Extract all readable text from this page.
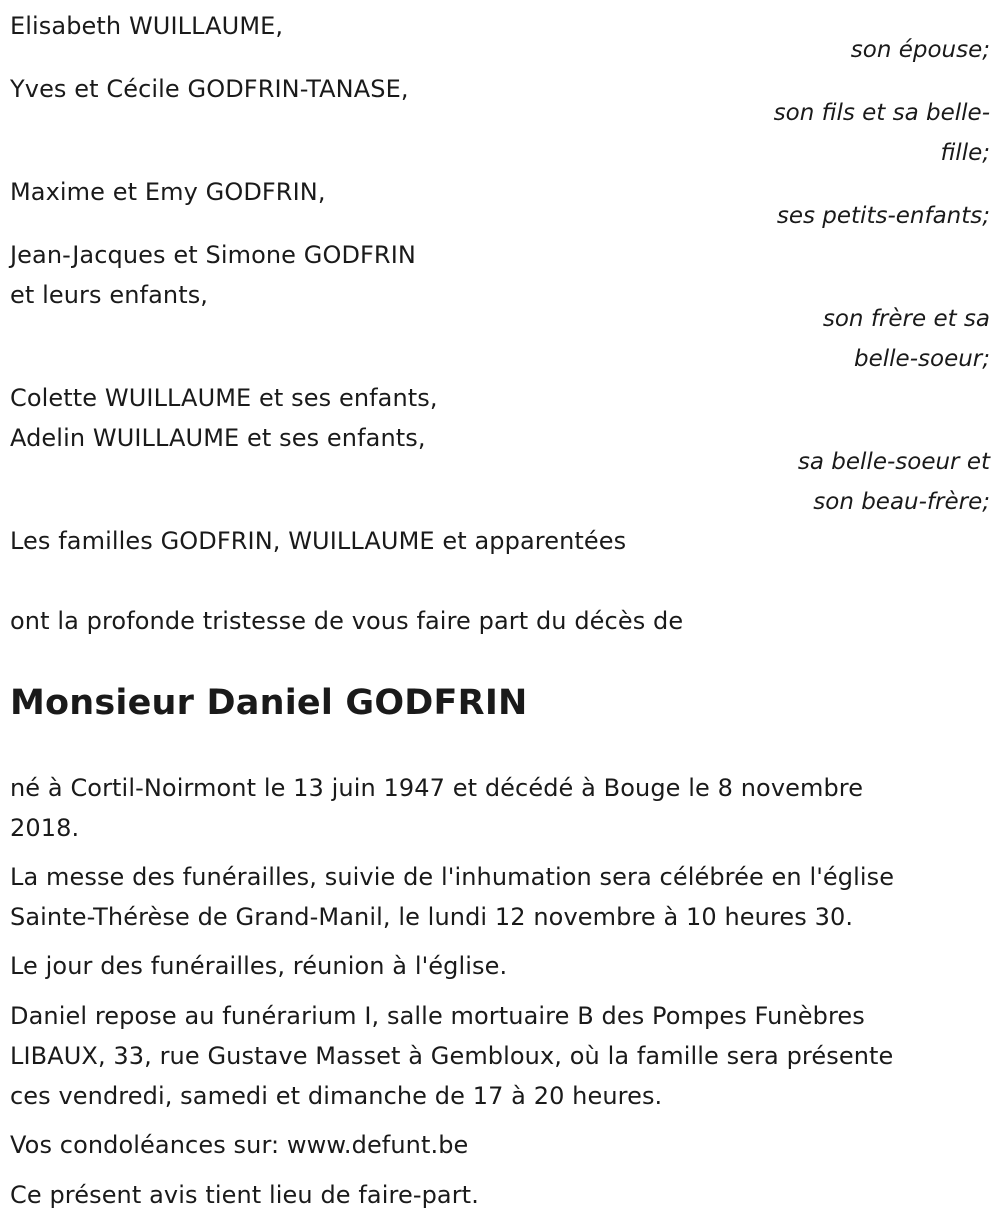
Elisabeth WUILLAUME,
son épouse;
Yves et Cécile GODFRIN-TANASE,
son fils et sa belle-
fille;
Maxime et Emy GODFRIN,
ses petits-enfants;
Jean-Jacques et Simone GODFRIN
et leurs enfants,
son frère et sa
belle-soeur;
Colette WUILLAUME et ses enfants,
Adelin WUILLAUME et ses enfants,
sa belle-soeur et
son beau-frère;
Les familles GODFRIN, WUILLAUME et apparentées
ont la profonde tristesse de vous faire part du décès de
Monsieur Daniel GODFRIN
né à Cortil-Noirmont le 13 juin 1947 et décédé à Bouge le 8 novembre
2018.
La messe des funérailles, suivie de l'inhumation sera célébrée en l'église
Sainte-Thérèse de Grand-Manil, le lundi 12 novembre à 10 heures 30.
Le jour des funérailles, réunion à l'église.
Daniel repose au funérarium I, salle mortuaire B des Pompes Funèbres
LIBAUX, 33, rue Gustave Masset à Gembloux, où la famille sera présente
ces vendredi, samedi et dimanche de 17 à 20 heures.
Vos condoléances sur: www.defunt.be
Ce présent avis tient lieu de faire-part.
